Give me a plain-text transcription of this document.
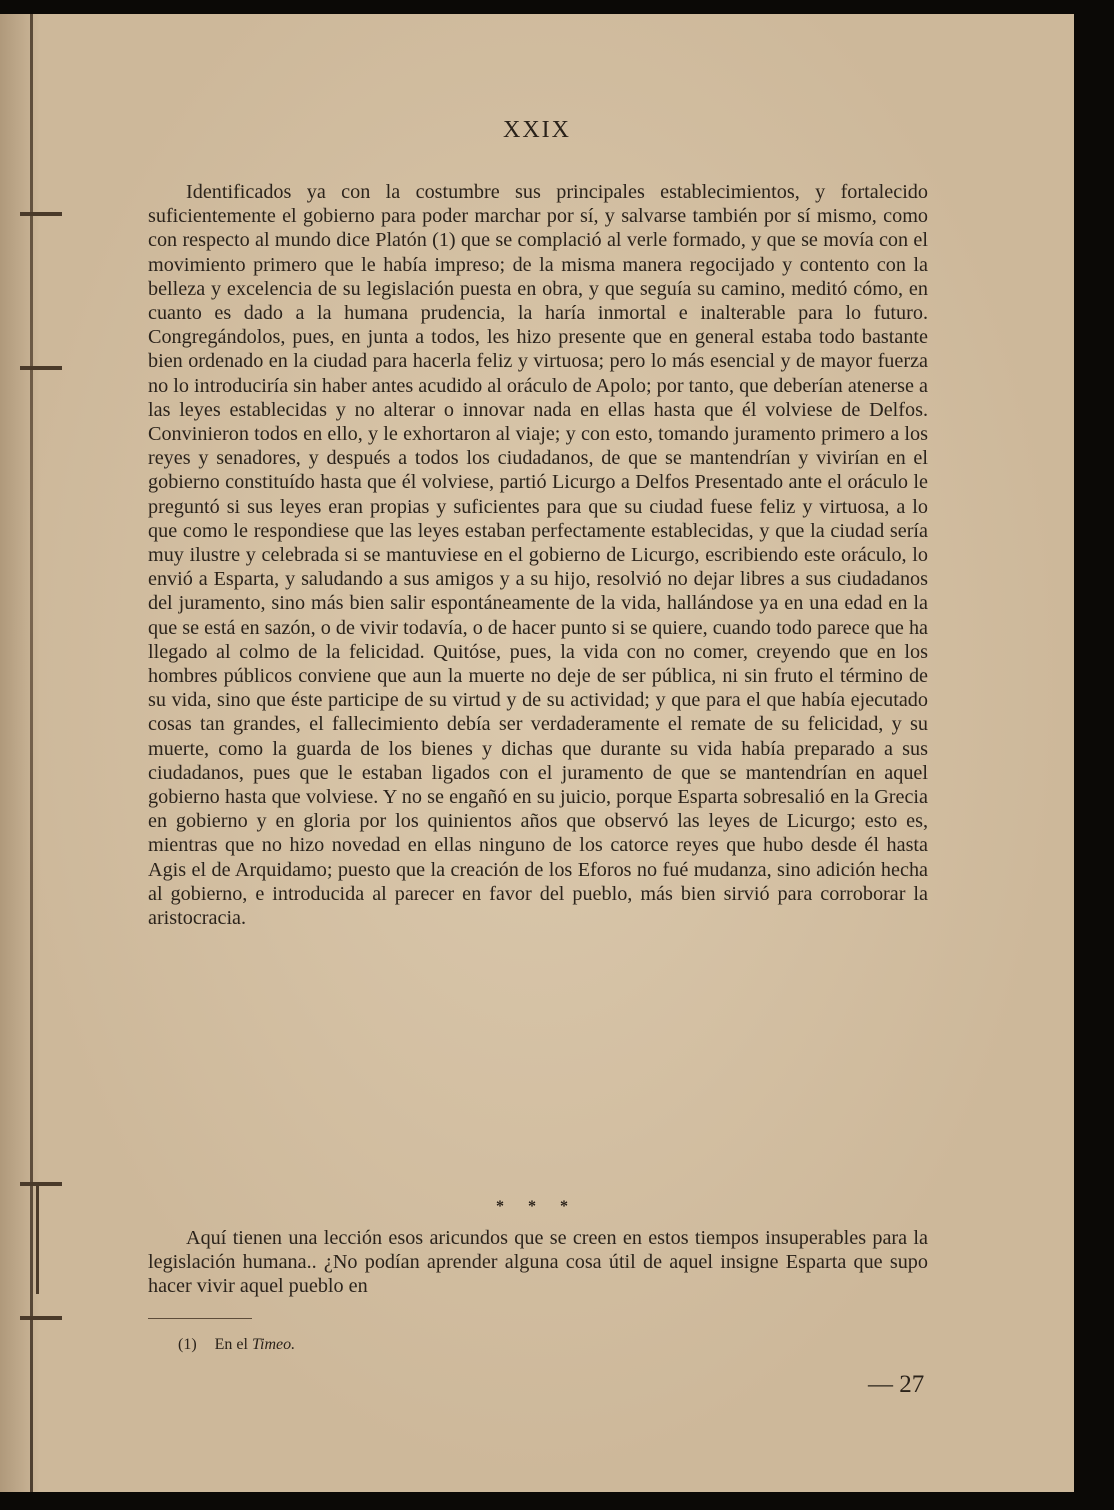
XXIX

Identificados ya con la costumbre sus principales establecimientos, y fortalecido suficientemente el gobierno para poder marchar por sí, y salvarse también por sí mismo, como con respecto al mundo dice Platón (1) que se complació al verle formado, y que se movía con el movimiento primero que le había impreso; de la misma manera regocijado y contento con la belleza y excelencia de su legislación puesta en obra, y que seguía su camino, meditó cómo, en cuanto es dado a la humana prudencia, la haría inmortal e inalterable para lo futuro. Congregándolos, pues, en junta a todos, les hizo presente que en general estaba todo bastante bien ordenado en la ciudad para hacerla feliz y virtuosa; pero lo más esencial y de mayor fuerza no lo introduciría sin haber antes acudido al oráculo de Apolo; por tanto, que deberían atenerse a las leyes establecidas y no alterar o innovar nada en ellas hasta que él volviese de Delfos. Convinieron todos en ello, y le exhortaron al viaje; y con esto, tomando juramento primero a los reyes y senadores, y después a todos los ciudadanos, de que se mantendrían y vivirían en el gobierno constituído hasta que él volviese, partió Licurgo a Delfos Presentado ante el oráculo le preguntó si sus leyes eran propias y suficientes para que su ciudad fuese feliz y virtuosa, a lo que como le respondiese que las leyes estaban perfectamente establecidas, y que la ciudad sería muy ilustre y celebrada si se mantuviese en el gobierno de Licurgo, escribiendo este oráculo, lo envió a Esparta, y saludando a sus amigos y a su hijo, resolvió no dejar libres a sus ciudadanos del juramento, sino más bien salir espontáneamente de la vida, hallándose ya en una edad en la que se está en sazón, o de vivir todavía, o de hacer punto si se quiere, cuando todo parece que ha llegado al colmo de la felicidad. Quitóse, pues, la vida con no comer, creyendo que en los hombres públicos conviene que aun la muerte no deje de ser pública, ni sin fruto el término de su vida, sino que éste participe de su virtud y de su actividad; y que para el que había ejecutado cosas tan grandes, el fallecimiento debía ser verdaderamente el remate de su felicidad, y su muerte, como la guarda de los bienes y dichas que durante su vida había preparado a sus ciudadanos, pues que le estaban ligados con el juramento de que se mantendrían en aquel gobierno hasta que volviese. Y no se engañó en su juicio, porque Esparta sobresalió en la Grecia en gobierno y en gloria por los quinientos años que observó las leyes de Licurgo; esto es, mientras que no hizo novedad en ellas ninguno de los catorce reyes que hubo desde él hasta Agis el de Arquidamo; puesto que la creación de los Eforos no fué mudanza, sino adición hecha al gobierno, e introducida al parecer en favor del pueblo, más bien sirvió para corroborar la aristocracia.

* * *

Aquí tienen una lección esos aricundos que se creen en estos tiempos insuperables para la legislación humana.. ¿No podían aprender alguna cosa útil de aquel insigne Esparta que supo hacer vivir aquel pueblo en

(1) En el Timeo.
— 27
